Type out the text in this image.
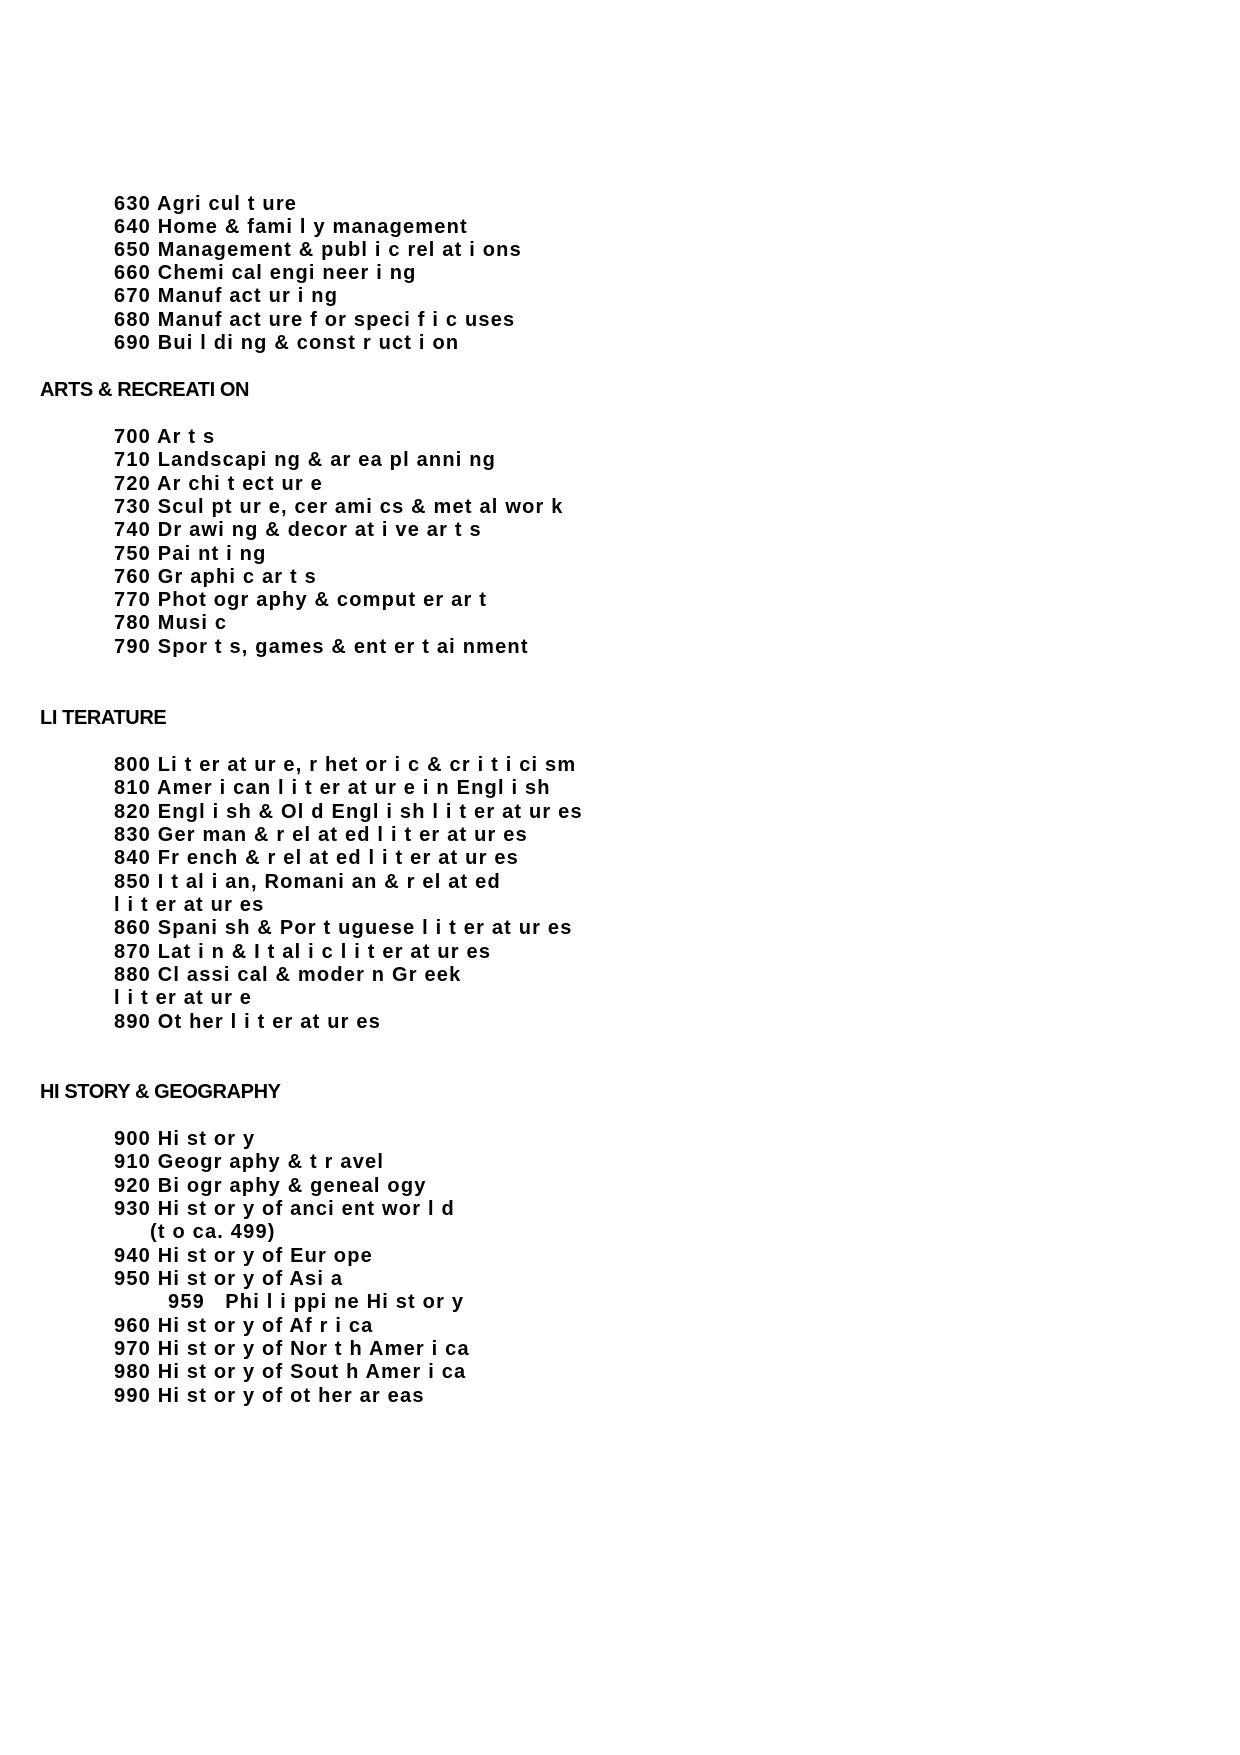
630 Agri cul t ure
640 Home & fami l y management
650 Management & publ i c rel at i ons
660 Chemi cal engi neer i ng
670 Manuf act ur i ng
680 Manuf act ure f or speci f i c uses
690 Bui l di ng & const r uct i on
ARTS & RECREATI ON
700 Ar t s
710 Landscapi ng & ar ea pl anni ng
720 Ar chi t ect ur e
730 Scul pt ur e, cer ami cs & met al wor k
740 Dr awi ng & decor at i ve ar t s
750 Pai nt i ng
760 Gr aphi c ar t s
770 Phot ogr aphy & comput er ar t
780 Musi c
790 Spor t s, games & ent er t ai nment
LI TERATURE
800 Li t er at ur e, r het or i c & cr i t i ci sm
810 Amer i can l i t er at ur e i n Engl i sh
820 Engl i sh & Ol d Engl i sh l i t er at ur es
830 Ger man & r el at ed l i t er at ur es
840 Fr ench & r el at ed l i t er at ur es
850 I t al i an, Romani an & r el at ed
l i t er at ur es
860 Spani sh & Por t uguese l i t er at ur es
870 Lat i n & I t al i c l i t er at ur es
880 Cl assi cal & moder n Gr eek
l i t er at ur e
890 Ot her l i t er at ur es
HI STORY & GEOGRAPHY
900 Hi st or y
910 Geogr aphy & t r avel
920 Bi ogr aphy & geneal ogy
930 Hi st or y of anci ent wor l d
(t o ca. 499)
940 Hi st or y of Eur ope
950 Hi st or y of Asi a
959   Phi l i ppi ne Hi st or y
960 Hi st or y of Af r i ca
970 Hi st or y of Nor t h Amer i ca
980 Hi st or y of Sout h Amer i ca
990 Hi st or y of ot her ar eas
